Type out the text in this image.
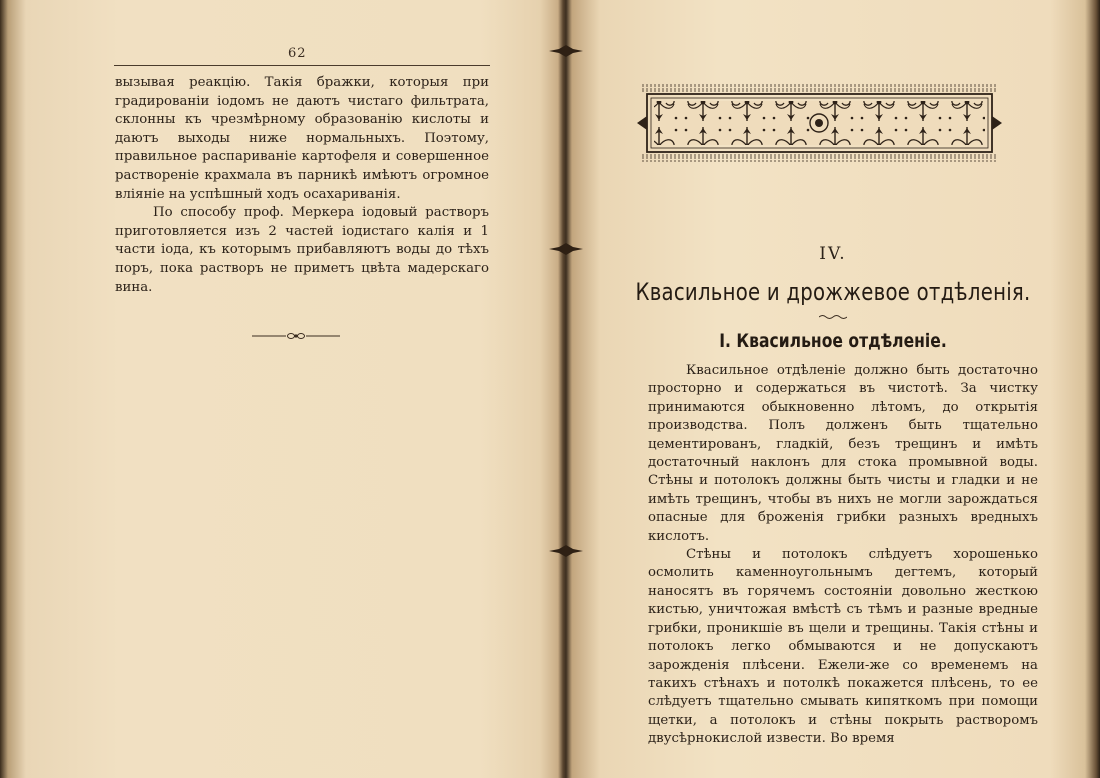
62

вызывая реакцію. Такія бражки, которыя при градированіи іодомъ не даютъ чистаго фильтрата, склонны къ чрезмѣрному образованію кислоты и даютъ выходы ниже нормальныхъ. Поэтому, правильное распариваніе картофеля и совершенное раствореніе крахмала въ парникѣ имѣютъ огромное вліяніе на успѣшный ходъ осахариванія.

По способу проф. Меркера іодовый растворъ приготовляется изъ 2 частей іодистаго калія и 1 части іода, къ которымъ прибавляютъ воды до тѣхъ поръ, пока растворъ не приметъ цвѣта мадерскаго вина.

IV.
Квасильное и дрожжевое отдѣленія.
I. Квасильное отдѣленіе.

Квасильное отдѣленіе должно быть достаточно просторно и содержаться въ чистотѣ. За чистку принимаются обыкновенно лѣтомъ, до открытія производства. Полъ долженъ быть тщательно цементированъ, гладкій, безъ трещинъ и имѣть достаточный наклонъ для стока промывной воды. Стѣны и потолокъ должны быть чисты и гладки и не имѣть трещинъ, чтобы въ нихъ не могли зарождаться опасные для броженія грибки разныхъ вредныхъ кислотъ.

Стѣны и потолокъ слѣдуетъ хорошенько осмолить каменноугольнымъ дегтемъ, который наносятъ въ горячемъ состояніи довольно жесткою кистью, уничтожая вмѣстѣ съ тѣмъ и разные вредные грибки, проникшіе въ щели и трещины. Такія стѣны и потолокъ легко обмываются и не допускаютъ зарожденія плѣсени. Ежели-же со временемъ на такихъ стѣнахъ и потолкѣ покажется плѣсень, то ее слѣдуетъ тщательно смывать кипяткомъ при помощи щетки, а потолокъ и стѣны покрыть растворомъ двусѣрнокислой извести. Во время
